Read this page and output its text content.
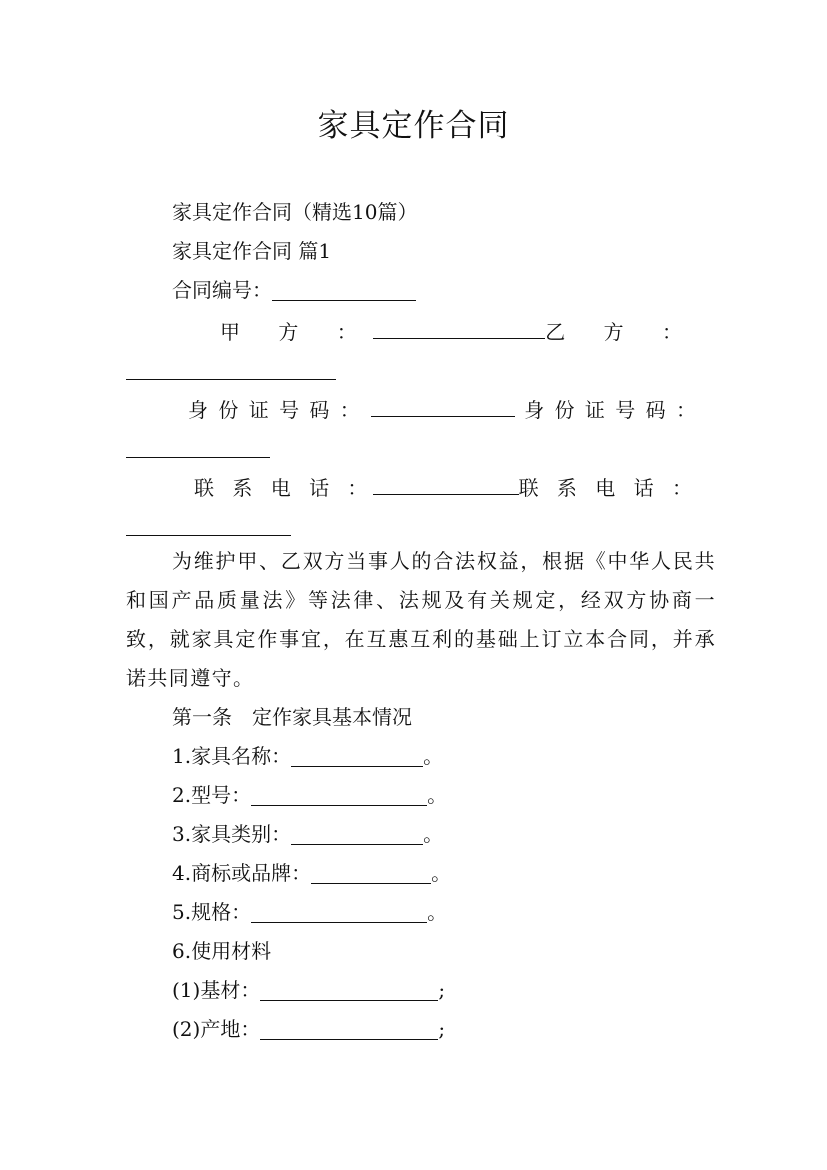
家具定作合同
家具定作合同（精选10篇）
家具定作合同 篇1
合同编号：
甲 方 ：	乙 方 ：
身 份 证 号 码 ：	身 份 证 号 码 ：
联 系 电 话 ：	联 系 电 话 ：
为维护甲、乙双方当事人的合法权益，根据《中华人民共和国产品质量法》等法律、法规及有关规定，经双方协商一致，就家具定作事宜，在互惠互利的基础上订立本合同，并承诺共同遵守。
第一条　定作家具基本情况
1.家具名称：	。
2.型号：	。
3.家具类别：	。
4.商标或品牌：	。
5.规格：	。
6.使用材料
(1)基材：	;
(2)产地：	;
